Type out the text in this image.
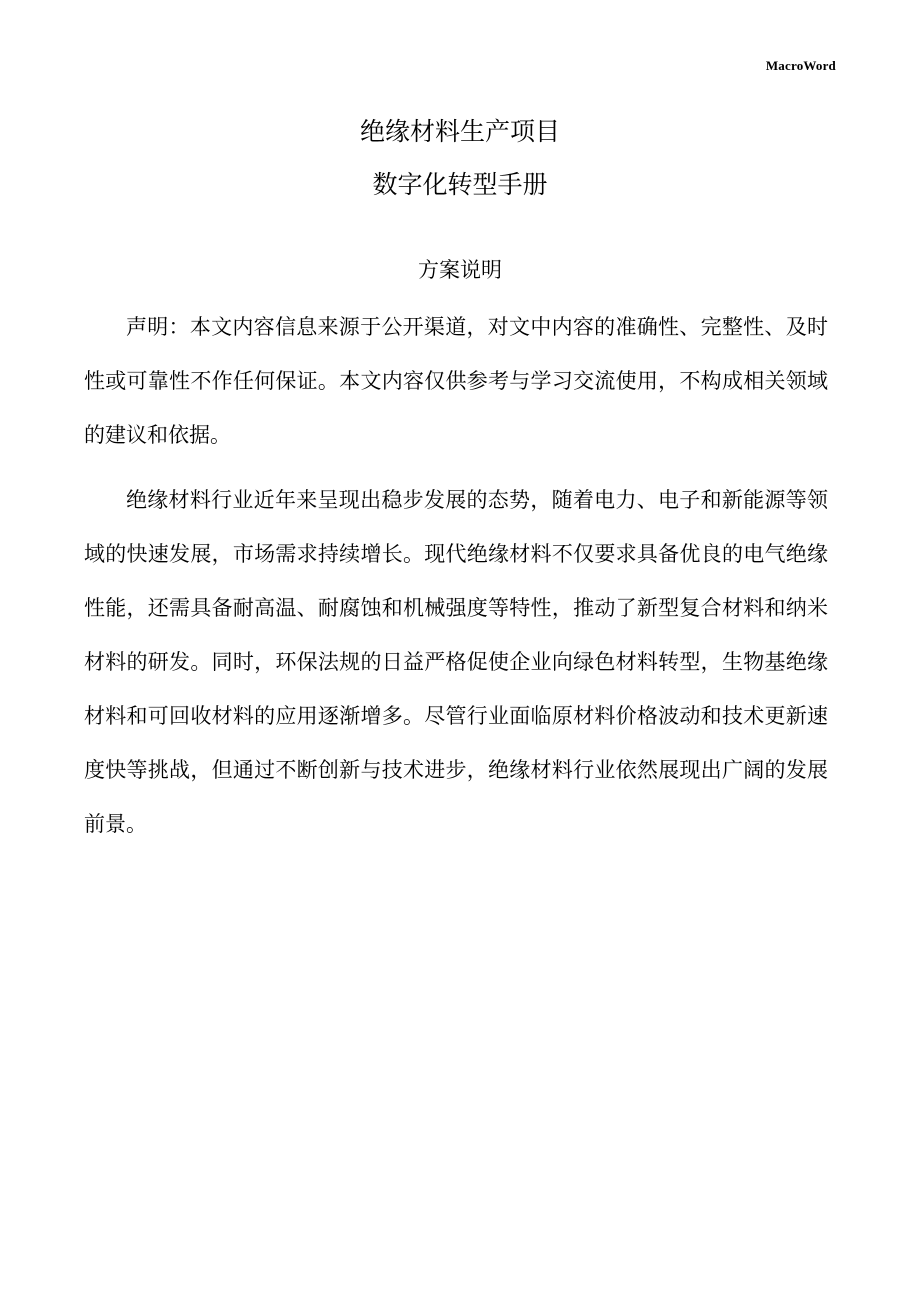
MacroWord
绝缘材料生产项目
数字化转型手册
方案说明

声明：本文内容信息来源于公开渠道，对文中内容的准确性、完整性、及时性或可靠性不作任何保证。本文内容仅供参考与学习交流使用，不构成相关领域的建议和依据。

绝缘材料行业近年来呈现出稳步发展的态势，随着电力、电子和新能源等领域的快速发展，市场需求持续增长。现代绝缘材料不仅要求具备优良的电气绝缘性能，还需具备耐高温、耐腐蚀和机械强度等特性，推动了新型复合材料和纳米材料的研发。同时，环保法规的日益严格促使企业向绿色材料转型，生物基绝缘材料和可回收材料的应用逐渐增多。尽管行业面临原材料价格波动和技术更新速度快等挑战，但通过不断创新与技术进步，绝缘材料行业依然展现出广阔的发展前景。
